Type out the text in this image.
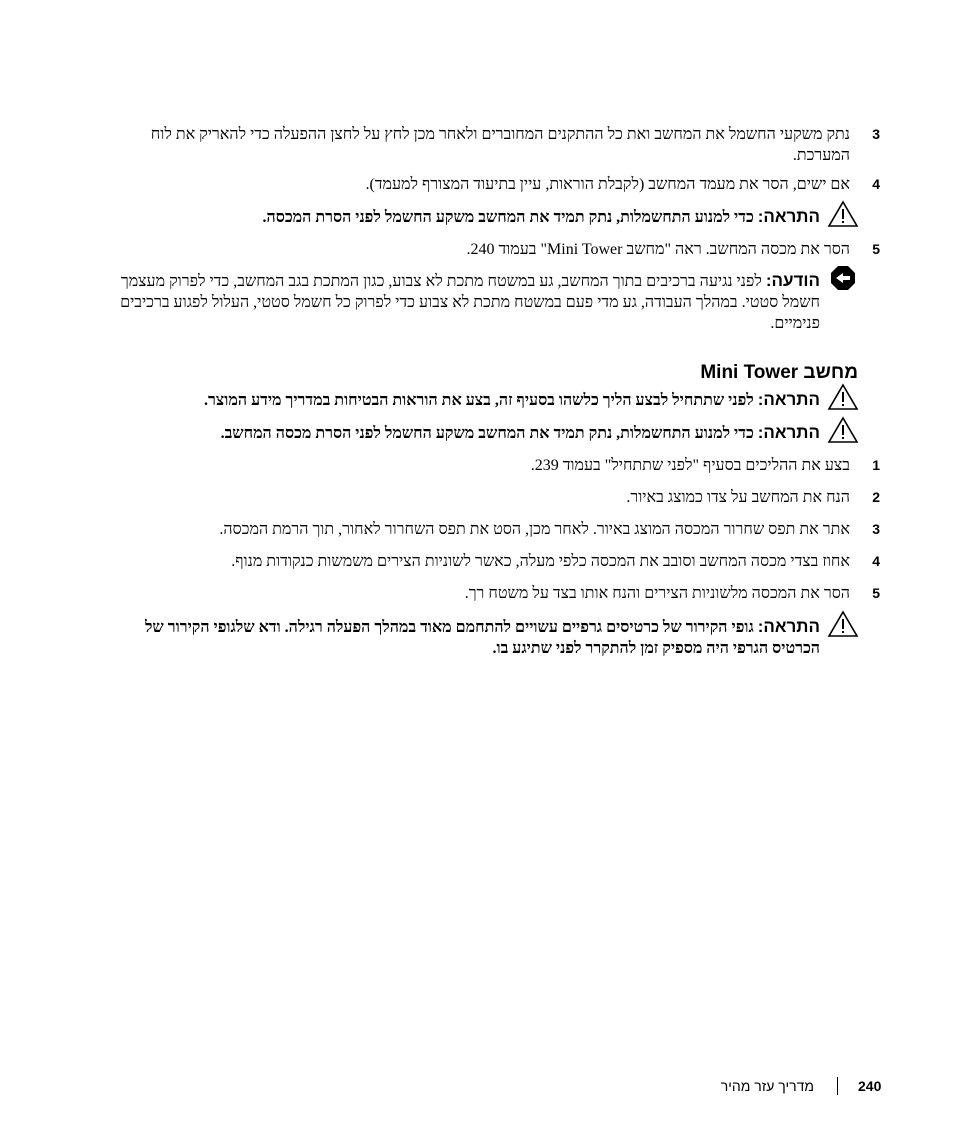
3
נתק משקעי החשמל את המחשב ואת כל ההתקנים המחוברים ולאחר מכן לחץ על לחצן ההפעלה כדי להאריק את לוח המערכת.
4
אם ישים, הסר את מעמד המחשב (לקבלת הוראות, עיין בתיעוד המצורף למעמד).
התראה: כדי למנוע התחשמלות, נתק תמיד את המחשב משקע החשמל לפני הסרת המכסה.
5
הסר את מכסה המחשב. ראה "מחשב Mini Tower" בעמוד 240.
הודעה: לפני נגיעה ברכיבים בתוך המחשב, גע במשטח מתכת לא צבוע, כגון המתכת בגב המחשב, כדי לפרוק מעצמך חשמל סטטי. במהלך העבודה, גע מדי פעם במשטח מתכת לא צבוע כדי לפרוק כל חשמל סטטי, העלול לפגוע ברכיבים פנימיים.
מחשב Mini Tower
התראה: לפני שתתחיל לבצע הליך כלשהו בסעיף זה, בצע את הוראות הבטיחות במדריך מידע המוצר.
התראה: כדי למנוע התחשמלות, נתק תמיד את המחשב משקע החשמל לפני הסרת מכסה המחשב.
1
בצע את ההליכים בסעיף "לפני שתתחיל" בעמוד 239.
2
הנח את המחשב על צדו כמוצג באיור.
3
אתר את תפס שחרור המכסה המוצג באיור. לאחר מכן, הסט את תפס השחרור לאחור, תוך הרמת המכסה.
4
אחוז בצדי מכסה המחשב וסובב את המכסה כלפי מעלה, כאשר לשוניות הצירים משמשות כנקודות מנוף.
5
הסר את המכסה מלשוניות הצירים והנח אותו בצד על משטח רך.
התראה: גופי הקירור של כרטיסים גרפיים עשויים להתחמם מאוד במהלך הפעלה רגילה. ודא שלגופי הקירור של הכרטיס הגרפי היה מספיק זמן להתקרר לפני שתיגע בו.
240
מדריך עזר מהיר
